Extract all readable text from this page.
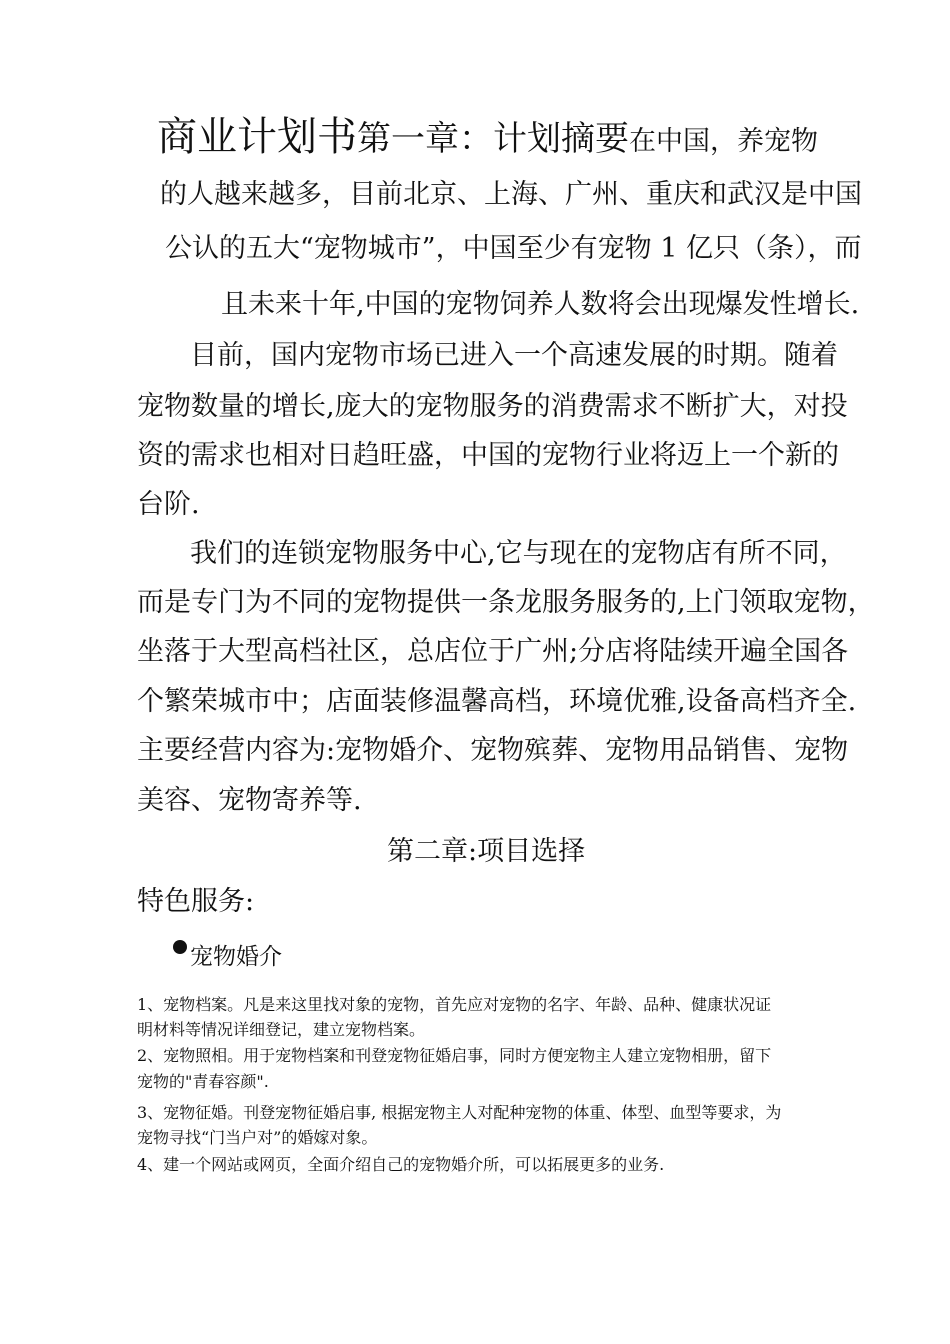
商业计划书第一章：计划摘要在中国，养宠物
的人越来越多，目前北京、上海、广州、重庆和武汉是中国
公认的五大“宠物城市”，中国至少有宠物 1 亿只（条），而
且未来十年,中国的宠物饲养人数将会出现爆发性增长.
目前，国内宠物市场已进入一个高速发展的时期。随着
宠物数量的增长,庞大的宠物服务的消费需求不断扩大，对投
资的需求也相对日趋旺盛，中国的宠物行业将迈上一个新的
台阶.
我们的连锁宠物服务中心,它与现在的宠物店有所不同，
而是专门为不同的宠物提供一条龙服务服务的,上门领取宠物，
坐落于大型高档社区，总店位于广州;分店将陆续开遍全国各
个繁荣城市中；店面装修温馨高档，环境优雅,设备高档齐全.
主要经营内容为:宠物婚介、宠物殡葬、宠物用品销售、宠物
美容、宠物寄养等.
第二章:项目选择
特色服务:
宠物婚介
1、宠物档案。凡是来这里找对象的宠物，首先应对宠物的名字、年龄、品种、健康状况证
明材料等情况详细登记，建立宠物档案。
2、宠物照相。用于宠物档案和刊登宠物征婚启事，同时方便宠物主人建立宠物相册，留下
宠物的"青春容颜".
3、宠物征婚。刊登宠物征婚启事, 根据宠物主人对配种宠物的体重、体型、血型等要求，为
宠物寻找“门当户对”的婚嫁对象。
4、建一个网站或网页，全面介绍自己的宠物婚介所，可以拓展更多的业务.
